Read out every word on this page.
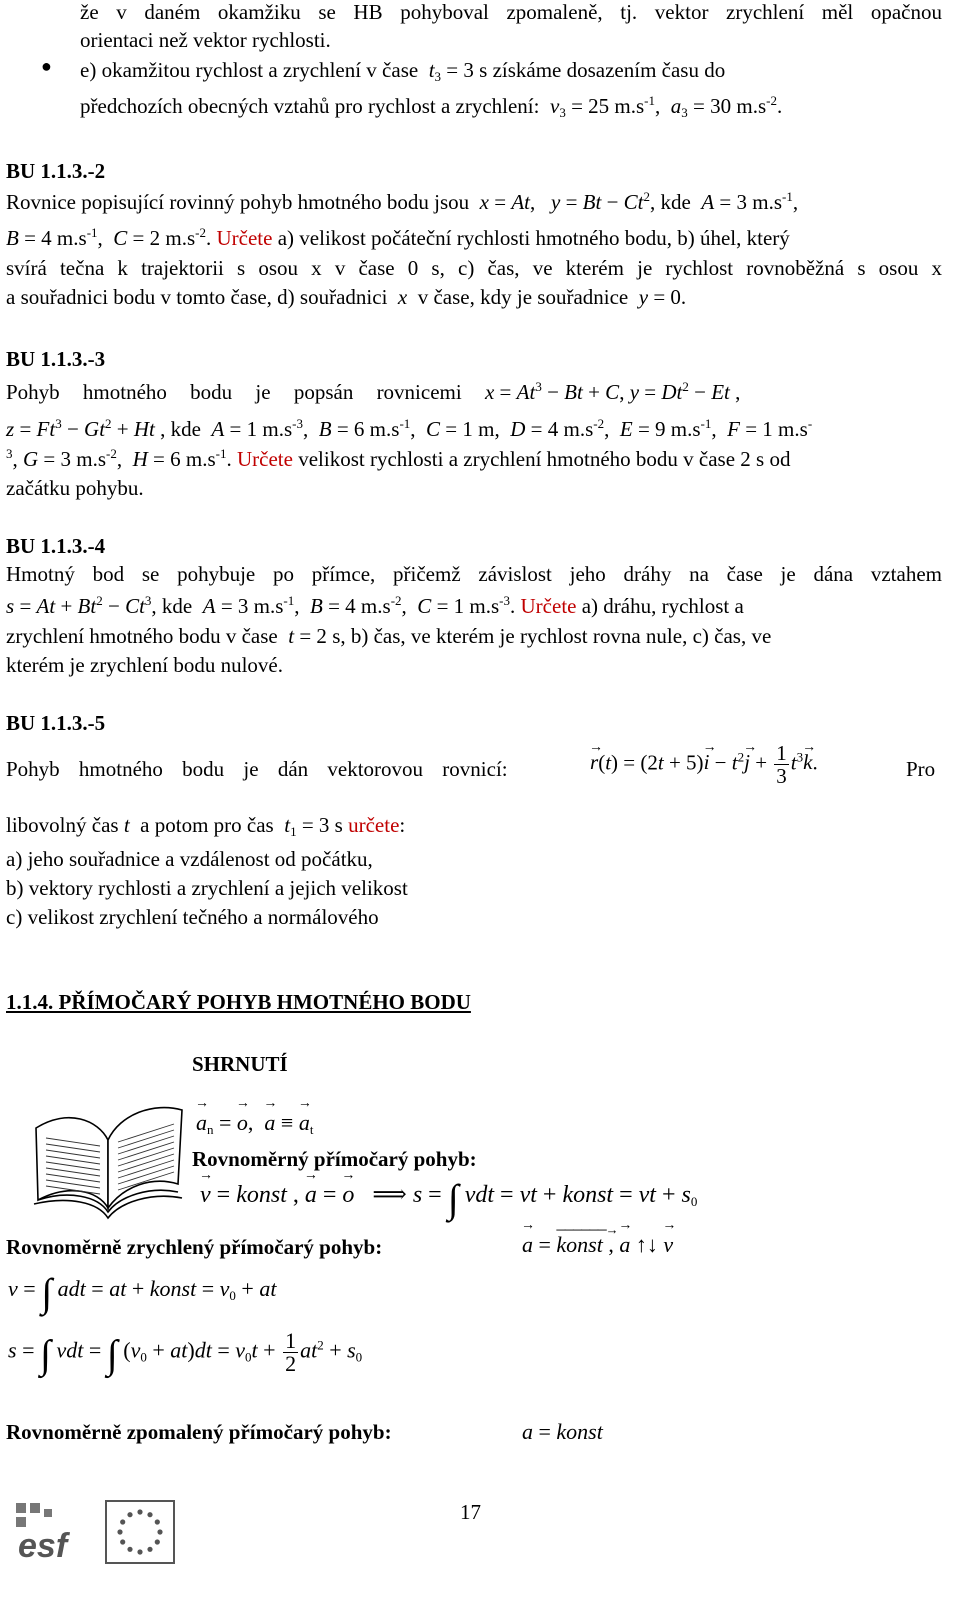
že v daném okamžiku se HB pohyboval zpomaleně, tj. vektor zrychlení měl opačnou
orientaci než vektor rychlosti.
● e) okamžitou rychlost a zrychlení v čase $t_3 = 3$ s získáme dosazením času do
předchozích obecných vztahů pro rychlost a zrychlení: $v_3 = 25$ $m.s^{-1}$,  $a_3 = 30$ $m.s^{-2}$.
BU 1.1.3.-2
Rovnice popisující rovinný pohyb hmotného bodu jsou x = At,   $y = Bt - Ct^2$, kde  A = 3 $m.s^{-1}$,
B = 4 $m.s^{-1}$,  C = 2 $m.s^{-2}$. Určete a) velikost počáteční rychlosti hmotného bodu, b) úhel, který
svírá tečna k trajektorii s osou x v čase 0 s, c) čas, ve kterém je rychlost rovnoběžná s osou x
a souřadnici bodu v tomto čase, d) souřadnici x v čase, kdy je souřadnice y = 0.
BU 1.1.3.-3
Pohyb hmotného bodu je popsán rovnicemi $x = At^3 - Bt + C$, $y = Dt^2 - Et$ ,
$z = Ft^3 - Gt^2 + Ht$ , kde  A = 1 $m.s^{-3}$,  B = 6 $m.s^{-1}$,  C = 1 m,  D = 4 $m.s^{-2}$,  E = 9 $m.s^{-1}$,  F = 1 m.s-
$^3$, G = 3 $m.s^{-2}$,  H = 6 $m.s^{-1}$. Určete velikost rychlosti a zrychlení hmotného bodu v čase 2 s od
začátku pohybu.
BU 1.1.3.-4
Hmotný bod se pohybuje po přímce, přičemž závislost jeho dráhy na čase je dána vztahem
$s = At + Bt^2 - Ct^3$, kde  A = 3 $m.s^{-1}$,  B = 4 $m.s^{-2}$,  C = 1 $m.s^{-3}$. Určete a) dráhu, rychlost a
zrychlení hmotného bodu v čase t = 2 s, b) čas, ve kterém je rychlost rovna nule, c) čas, ve
kterém je zrychlení bodu nulové.
BU 1.1.3.-5
Pohyb hmotného bodu je dán vektorovou rovnicí:	→ $r(t) = (2t + 5)\to i - t^2\to j + \frac{1}{3} t^3\to k$.	Pro
libovolný čas t a potom pro čas $t_1 = 3$ s určete:
a) jeho souřadnice a vzdálenost od počátku,
b) vektory rychlosti a zrychlení a jejich velikost
c) velikost zrychlení tečného a normálového
1.1.4. PŘÍMOČARÝ POHYB HMOTNÉHO BODU
SHRNUTÍ
→ $a_n$ = → o,  → a ≡ → $a_t$
Rovnoměrný přímočarý pohyb:
→ v = konst , → a = → o   ⟹ s = ∫ vdt = vt + konst = vt + $s_0$
Rovnoměrně zrychlený přímočarý pohyb:	→ a = konst
──────→
, → a ↑↓ → v
v = ∫ adt = at + konst = $v_0$ + at
s = ∫ vdt = ∫ $(v_0 + at)dt = v_0t + \frac{1}{2} at^2 + s_0$
Rovnoměrně zpomalený přímočarý pohyb:	a = konst
17
esf
